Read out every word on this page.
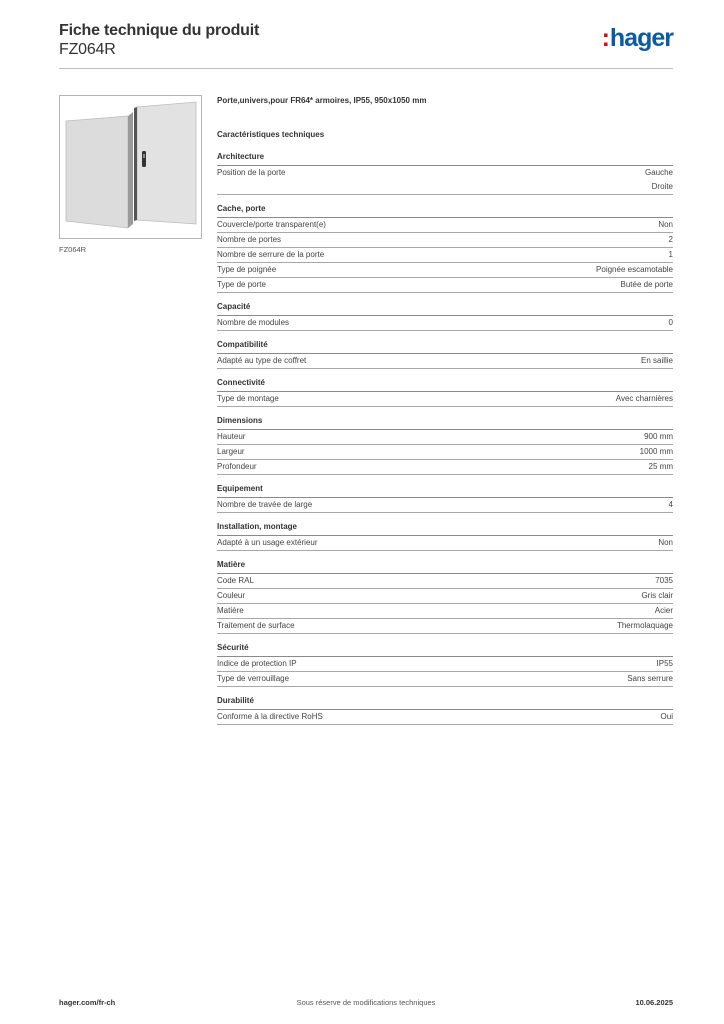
Fiche technique du produit
FZ064R	:hager
FZ064R
Porte,univers,pour FR64* armoires, IP55, 950x1050 mm
Caractéristiques techniques
Architecture
Position de la porte	Gauche
Droite
Cache, porte
Couvercle/porte transparent(e)	Non
Nombre de portes	2
Nombre de serrure de la porte	1
Type de poignée	Poignée escamotable
Type de porte	Butée de porte
Capacité
Nombre de modules	0
Compatibilité
Adapté au type de coffret	En saillie
Connectivité
Type de montage	Avec charnières
Dimensions
Hauteur	900 mm
Largeur	1000 mm
Profondeur	25 mm
Equipement
Nombre de travée de large	4
Installation, montage
Adapté à un usage extérieur	Non
Matière
Code RAL	7035
Couleur	Gris clair
Matière	Acier
Traitement de surface	Thermolaquage
Sécurité
Indice de protection IP	IP55
Type de verrouillage	Sans serrure
Durabilité
Conforme à la directive RoHS	Oui
hager.com/fr-ch	Sous réserve de modifications techniques	10.06.2025
